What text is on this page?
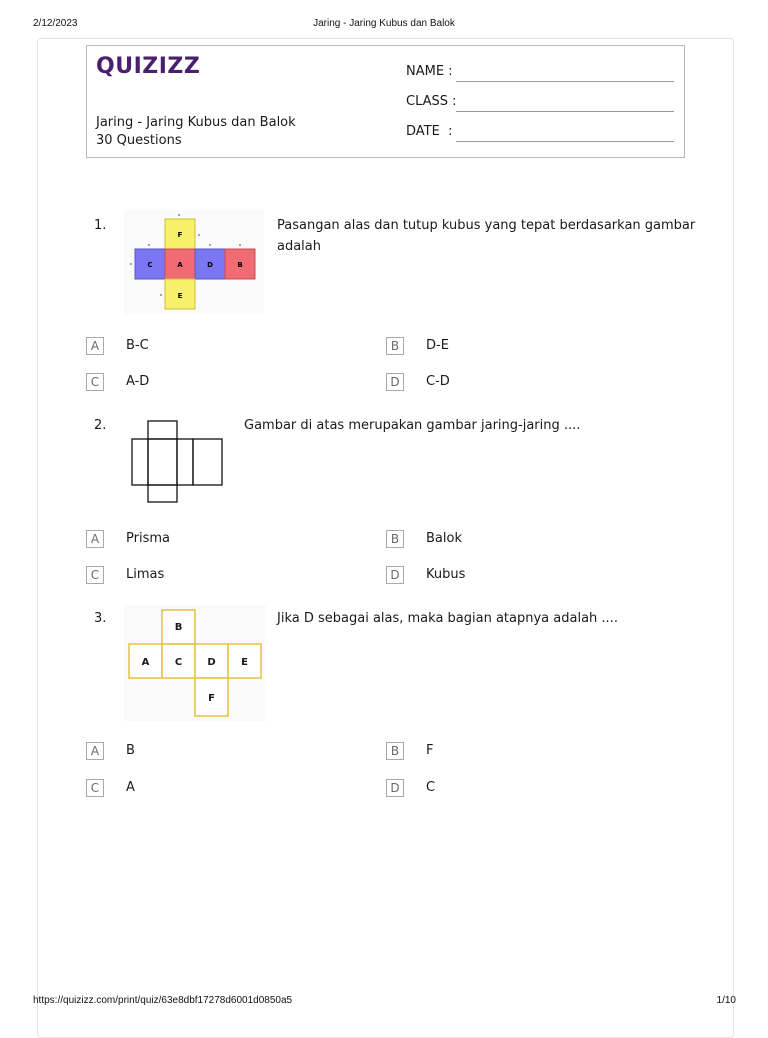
2/12/2023	Jaring - Jaring Kubus dan Balok
QUIZIZZ
Jaring - Jaring Kubus dan Balok
30 Questions
NAME :
CLASS :
DATE  :
1.
F
C	A	D	B
E
Pasangan alas dan tutup kubus yang tepat berdasarkan gambar
adalah
A	B-C	B	D-E
C	A-D	D	C-D
2.	Gambar di atas merupakan gambar jaring-jaring ....
A	Prisma	B	Balok
C	Limas	D	Kubus
3.
B
A	C	D	E
F
Jika D sebagai alas, maka bagian atapnya adalah ....
A	B	B	F
C	A	D	C
https://quizizz.com/print/quiz/63e8dbf17278d6001d0850a5	1/10
